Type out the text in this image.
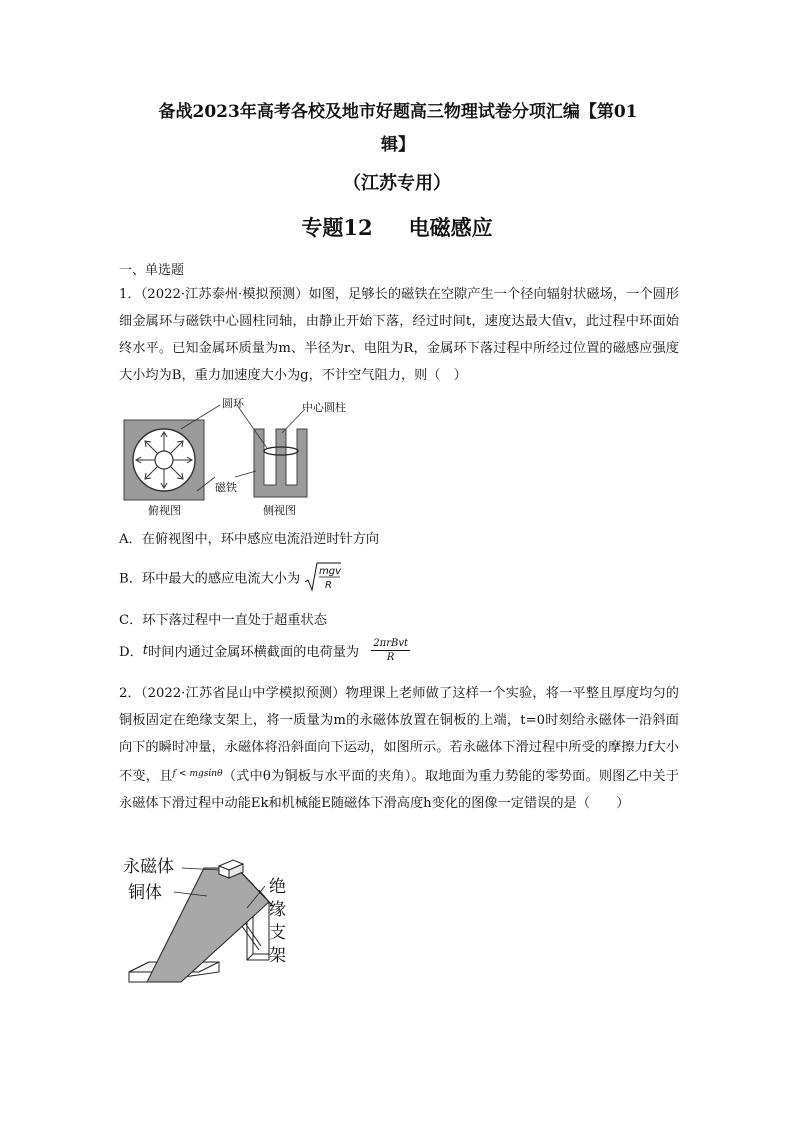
备战2023年高考各校及地市好题高三物理试卷分项汇编【第01
辑】
（江苏专用）
专题12 电磁感应
一、单选题
1．（2022·江苏泰州·模拟预测）如图，足够长的磁铁在空隙产生一个径向辐射状磁场，一个圆形细金属环与磁铁中心圆柱同轴，由静止开始下落，经过时间t，速度达最大值v，此过程中环面始终水平。已知金属环质量为m、半径为r、电阻为R，金属环下落过程中所经过位置的磁感应强度大小均为B，重力加速度大小为g，不计空气阻力，则（　）
圆环	中心圆柱
磁铁
俯视图	侧视图
A．在俯视图中，环中感应电流沿逆时针方向
B．环中最大的感应电流大小为 mgv
R
C．环下落过程中一直处于超重状态
D．t时间内通过金属环横截面的电荷量为 $\frac{\text{2πrBvt}}{R}$
2．（2022·江苏省昆山中学模拟预测）物理课上老师做了这样一个实验，将一平整且厚度均匀的铜板固定在绝缘支架上，将一质量为m的永磁体放置在铜板的上端，t=0时刻给永磁体一沿斜面向下的瞬时冲量，永磁体将沿斜面向下运动，如图所示。若永磁体下滑过程中所受的摩擦力f大小不变，且$^{f < mgsin\theta}$（式中θ为铜板与水平面的夹角）。取地面为重力势能的零势面。则图乙中关于永磁体下滑过程中动能Ek和机械能E随磁体下滑高度h变化的图像一定错误的是（　　）
永磁体
铜体	绝
缘
支
架
